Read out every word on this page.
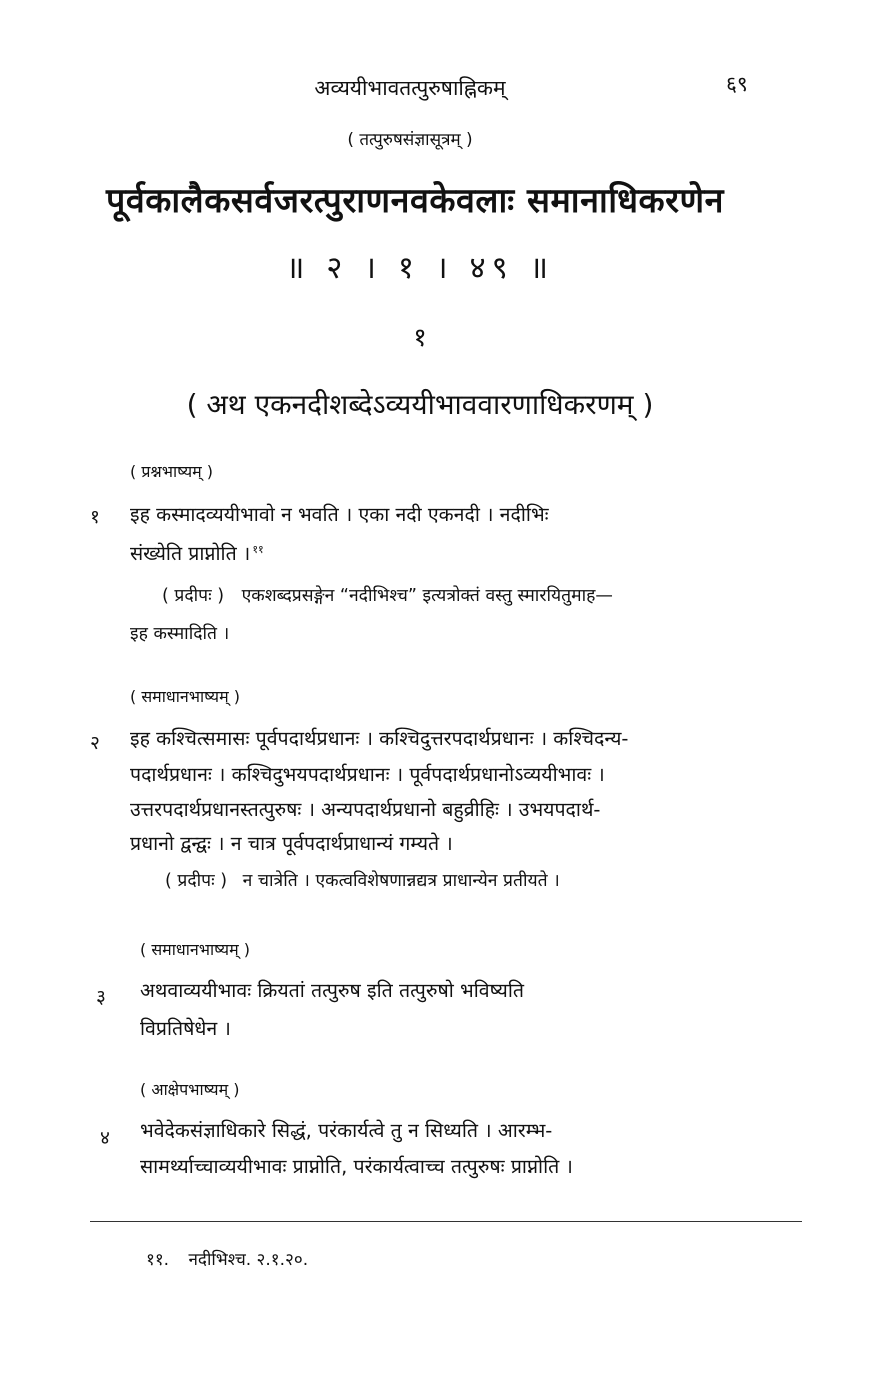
अव्ययीभावतत्पुरुषाह्निकम्	६९
( तत्पुरुषसंज्ञासूत्रम् )
पूर्वकालैकसर्वजरत्पुराणनवकेवलाः समानाधिकरणेन
॥ २ । १ । ४९ ॥
१
( अथ एकनदीशब्देऽव्ययीभाववारणाधिकरणम् )
( प्रश्नभाष्यम् )
१ इह कस्मादव्ययीभावो न भवति । एका नदी एकनदी । नदीभिः
संख्येति प्राप्नोति । $^{११}$
( प्रदीपः ) एकशब्दप्रसङ्गेन “नदीभिश्च” इत्यत्रोक्तं वस्तु स्मारयितुमाह—
इह कस्मादिति ।
( समाधानभाष्यम् )
२ इह कश्चित्समासः पूर्वपदार्थप्रधानः । कश्चिदुत्तरपदार्थप्रधानः । कश्चिदन्य-
पदार्थप्रधानः । कश्चिदुभयपदार्थप्रधानः । पूर्वपदार्थप्रधानोऽव्ययीभावः ।
उत्तरपदार्थप्रधानस्तत्पुरुषः । अन्यपदार्थप्रधानो बहुव्रीहिः । उभयपदार्थ-
प्रधानो द्वन्द्वः । न चात्र पूर्वपदार्थप्राधान्यं गम्यते ।
( प्रदीपः ) न चात्रेति । एकत्वविशेषणान्नद्यत्र प्राधान्येन प्रतीयते ।
( समाधानभाष्यम् )
३ अथवाव्ययीभावः क्रियतां तत्पुरुष इति तत्पुरुषो भविष्यति
विप्रतिषेधेन ।
( आक्षेपभाष्यम् )
४ भवेदेकसंज्ञाधिकारे सिद्धं, परंकार्यत्वे तु न सिध्यति । आरम्भ-
सामर्थ्याच्चाव्ययीभावः प्राप्नोति, परंकार्यत्वाच्च तत्पुरुषः प्राप्नोति ।
११. नदीभिश्च. २.१.२०.
